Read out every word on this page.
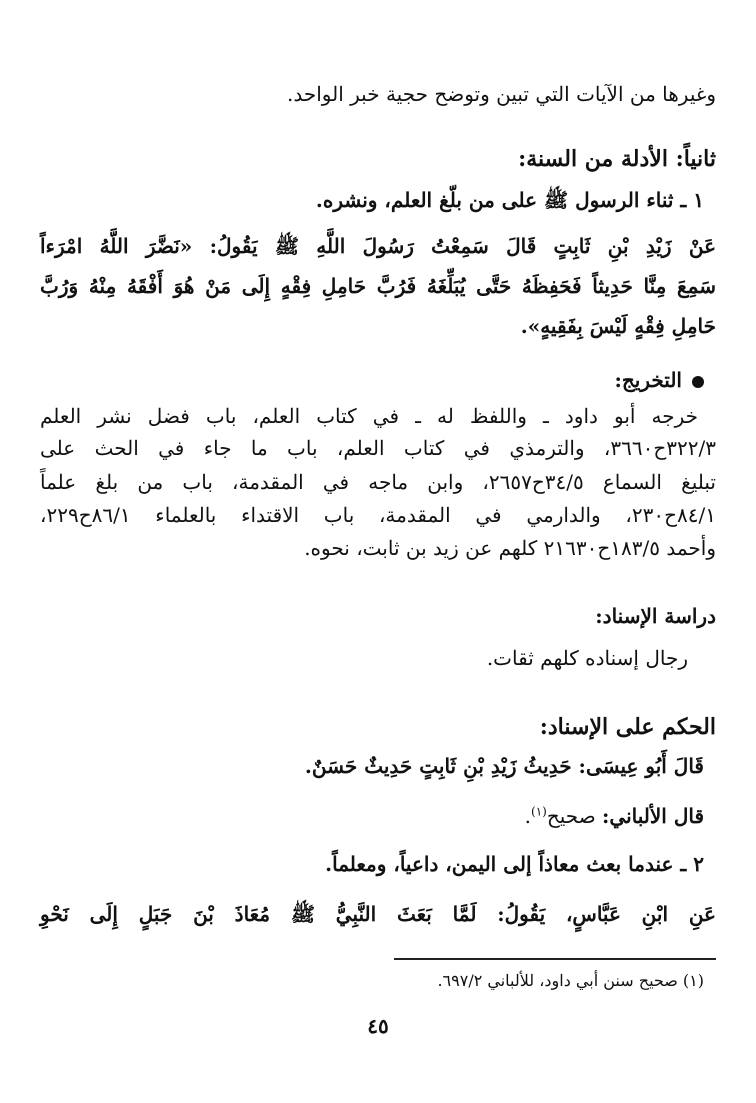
وغيرها من الآيات التي تبين وتوضح حجية خبر الواحد.
ثانياً: الأدلة من السنة:
١ ـ ثناء الرسول ﷺ على من بلّغ العلم، ونشره.
عَنْ زَيْدِ بْنِ ثَابِتٍ قَالَ سَمِعْتُ رَسُولَ اللَّهِ ﷺ يَقُولُ: «نَضَّرَ اللَّهُ امْرَءاً
سَمِعَ مِنَّا حَدِيثاً فَحَفِظَهُ حَتَّى يُبَلِّغَهُ فَرُبَّ حَامِلِ فِقْهٍ إِلَى مَنْ هُوَ أَفْقَهُ مِنْهُ وَرُبَّ
حَامِلِ فِقْهٍ لَيْسَ بِفَقِيهٍ».
التخريج:
خرجه أبو داود ـ واللفظ له ـ في كتاب العلم، باب فضل نشر العلم
٣٢٢/٣ح٣٦٦٠، والترمذي في كتاب العلم، باب ما جاء في الحث على
تبليغ السماع ٣٤/٥ح٢٦٥٧، وابن ماجه في المقدمة، باب من بلغ علماً
٨٤/١ح٢٣٠، والدارمي في المقدمة، باب الاقتداء بالعلماء ٨٦/١ح٢٢٩،
وأحمد ١٨٣/٥ح٢١٦٣٠ كلهم عن زيد بن ثابت، نحوه.
دراسة الإسناد:
رجال إسناده كلهم ثقات.
الحكم على الإسناد:
قَالَ أَبُو عِيسَى: حَدِيثُ زَيْدِ بْنِ ثَابِتٍ حَدِيثٌ حَسَنٌ.
قال الألباني: صحيح$^{(١)}$.
٢ ـ عندما بعث معاذاً إلى اليمن، داعياً، ومعلماً.
عَنِ ابْنِ عَبَّاسٍ، يَقُولُ: لَمَّا بَعَثَ النَّبِيُّ ﷺ مُعَاذَ بْنَ جَبَلٍ إِلَى نَحْوِ
(١) صحيح سنن أبي داود، للألباني ٦٩٧/٢.
٤٥
